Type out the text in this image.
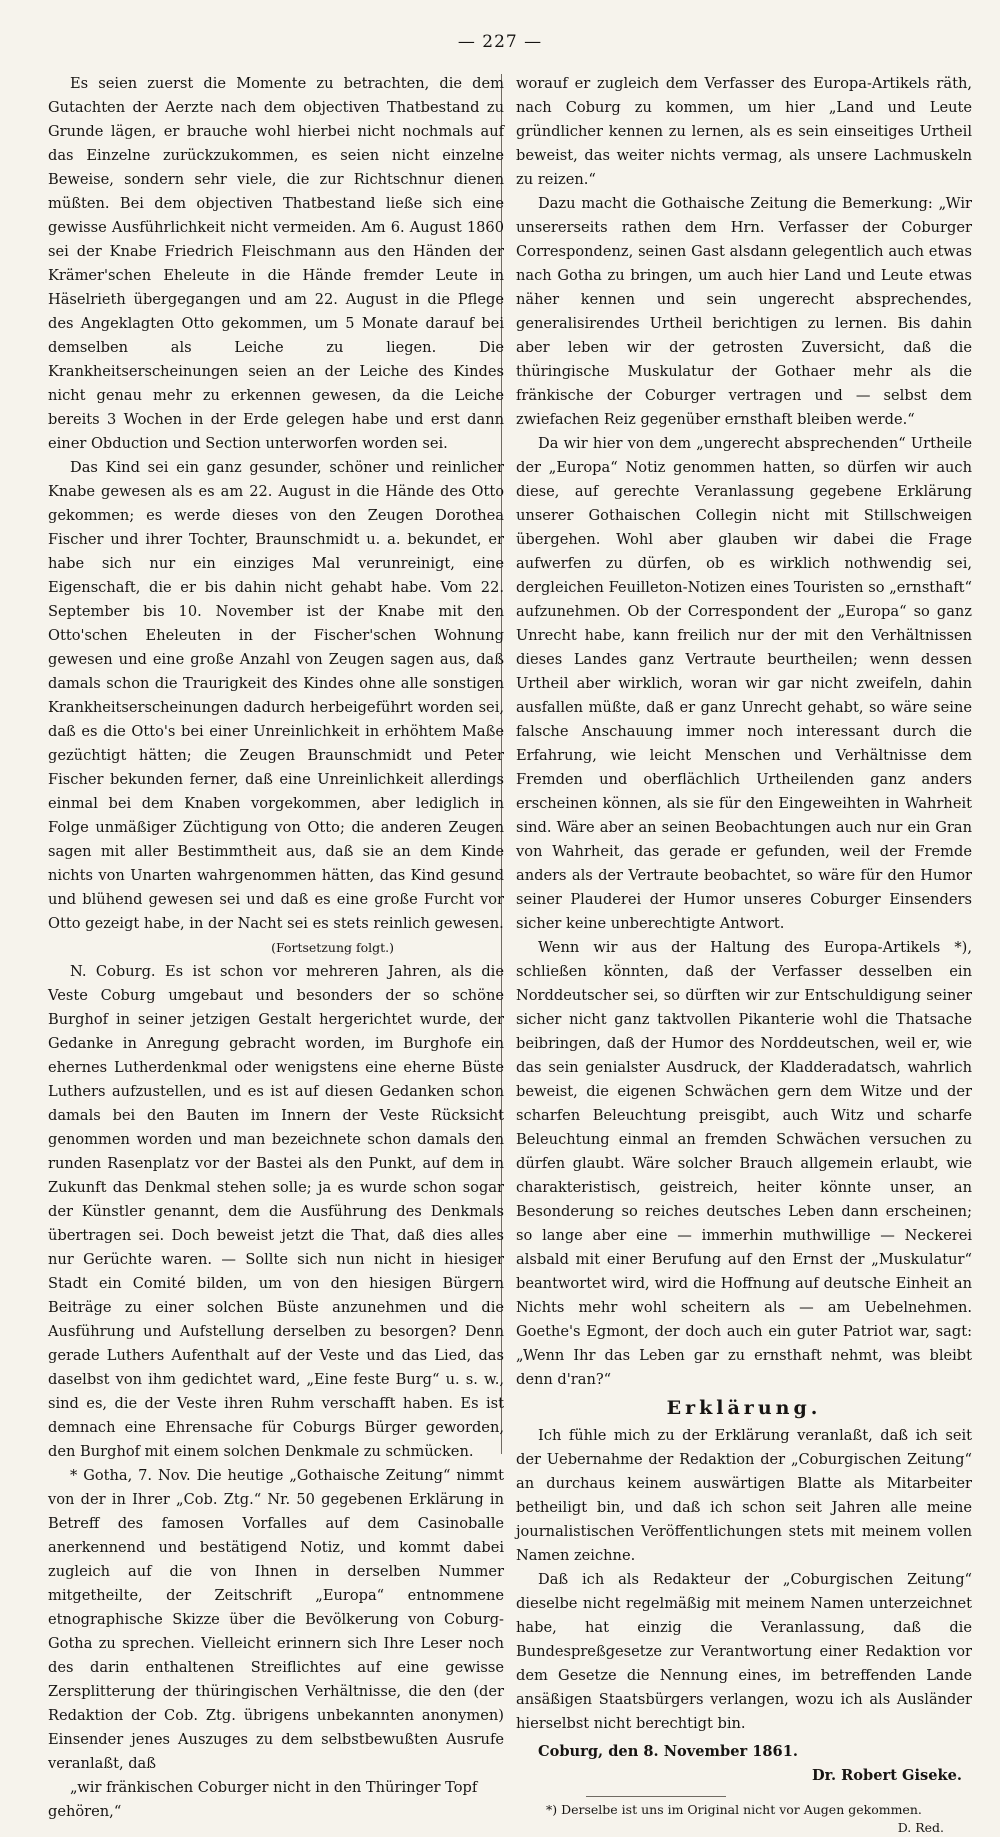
— 227 —

Es seien zuerst die Momente zu betrachten, die dem Gutachten der Aerzte nach dem objectiven Thatbestand zu Grunde lägen, er brauche wohl hierbei nicht nochmals auf das Einzelne zurückzukommen, es seien nicht einzelne Beweise, sondern sehr viele, die zur Richtschnur dienen müßten. Bei dem objectiven Thatbestand ließe sich eine gewisse Ausführlichkeit nicht vermeiden. Am 6. August 1860 sei der Knabe Friedrich Fleischmann aus den Händen der Krämer'schen Eheleute in die Hände fremder Leute in Häselrieth übergegangen und am 22. August in die Pflege des Angeklagten Otto gekommen, um 5 Monate darauf bei demselben als Leiche zu liegen. Die Krankheitserscheinungen seien an der Leiche des Kindes nicht genau mehr zu erkennen gewesen, da die Leiche bereits 3 Wochen in der Erde gelegen habe und erst dann einer Obduction und Section unterworfen worden sei.

Das Kind sei ein ganz gesunder, schöner und reinlicher Knabe gewesen als es am 22. August in die Hände des Otto gekommen; es werde dieses von den Zeugen Dorothea Fischer und ihrer Tochter, Braunschmidt u. a. bekundet, er habe sich nur ein einziges Mal verunreinigt, eine Eigenschaft, die er bis dahin nicht gehabt habe. Vom 22. September bis 10. November ist der Knabe mit den Otto'schen Eheleuten in der Fischer'schen Wohnung gewesen und eine große Anzahl von Zeugen sagen aus, daß damals schon die Traurigkeit des Kindes ohne alle sonstigen Krankheitserscheinungen dadurch herbeigeführt worden sei, daß es die Otto's bei einer Unreinlichkeit in erhöhtem Maße gezüchtigt hätten; die Zeugen Braunschmidt und Peter Fischer bekunden ferner, daß eine Unreinlichkeit allerdings einmal bei dem Knaben vorgekommen, aber lediglich in Folge unmäßiger Züchtigung von Otto; die anderen Zeugen sagen mit aller Bestimmtheit aus, daß sie an dem Kinde nichts von Unarten wahrgenommen hätten, das Kind gesund und blühend gewesen sei und daß es eine große Furcht vor Otto gezeigt habe, in der Nacht sei es stets reinlich gewesen.

(Fortsetzung folgt.)

N. Coburg. Es ist schon vor mehreren Jahren, als die Veste Coburg umgebaut und besonders der so schöne Burghof in seiner jetzigen Gestalt hergerichtet wurde, der Gedanke in Anregung gebracht worden, im Burghofe ein ehernes Lutherdenkmal oder wenigstens eine eherne Büste Luthers aufzustellen, und es ist auf diesen Gedanken schon damals bei den Bauten im Innern der Veste Rücksicht genommen worden und man bezeichnete schon damals den runden Rasenplatz vor der Bastei als den Punkt, auf dem in Zukunft das Denkmal stehen solle; ja es wurde schon sogar der Künstler genannt, dem die Ausführung des Denkmals übertragen sei. Doch beweist jetzt die That, daß dies alles nur Gerüchte waren. — Sollte sich nun nicht in hiesiger Stadt ein Comité bilden, um von den hiesigen Bürgern Beiträge zu einer solchen Büste anzunehmen und die Ausführung und Aufstellung derselben zu besorgen? Denn gerade Luthers Aufenthalt auf der Veste und das Lied, das daselbst von ihm gedichtet ward, „Eine feste Burg“ u. s. w., sind es, die der Veste ihren Ruhm verschafft haben. Es ist demnach eine Ehrensache für Coburgs Bürger geworden, den Burghof mit einem solchen Denkmale zu schmücken.

* Gotha, 7. Nov. Die heutige „Gothaische Zeitung“ nimmt von der in Ihrer „Cob. Ztg.“ Nr. 50 gegebenen Erklärung in Betreff des famosen Vorfalles auf dem Casinoballe anerkennend und bestätigend Notiz, und kommt dabei zugleich auf die von Ihnen in derselben Nummer mitgetheilte, der Zeitschrift „Europa“ entnommene etnographische Skizze über die Bevölkerung von Coburg-Gotha zu sprechen. Vielleicht erinnern sich Ihre Leser noch des darin enthaltenen Streiflichtes auf eine gewisse Zersplitterung der thüringischen Verhältnisse, die den (der Redaktion der Cob. Ztg. übrigens unbekannten anonymen) Einsender jenes Auszuges zu dem selbstbewußten Ausrufe veranlaßt, daß

„wir fränkischen Coburger nicht in den Thüringer Topf gehören,“

worauf er zugleich dem Verfasser des Europa-Artikels räth, nach Coburg zu kommen, um hier „Land und Leute gründlicher kennen zu lernen, als es sein einseitiges Urtheil beweist, das weiter nichts vermag, als unsere Lachmuskeln zu reizen.“

Dazu macht die Gothaische Zeitung die Bemerkung: „Wir unsererseits rathen dem Hrn. Verfasser der Coburger Correspondenz, seinen Gast alsdann gelegentlich auch etwas nach Gotha zu bringen, um auch hier Land und Leute etwas näher kennen und sein ungerecht absprechendes, generalisirendes Urtheil berichtigen zu lernen. Bis dahin aber leben wir der getrosten Zuversicht, daß die thüringische Muskulatur der Gothaer mehr als die fränkische der Coburger vertragen und — selbst dem zwiefachen Reiz gegenüber ernsthaft bleiben werde.“

Da wir hier von dem „ungerecht absprechenden“ Urtheile der „Europa“ Notiz genommen hatten, so dürfen wir auch diese, auf gerechte Veranlassung gegebene Erklärung unserer Gothaischen Collegin nicht mit Stillschweigen übergehen. Wohl aber glauben wir dabei die Frage aufwerfen zu dürfen, ob es wirklich nothwendig sei, dergleichen Feuilleton-Notizen eines Touristen so „ernsthaft“ aufzunehmen. Ob der Correspondent der „Europa“ so ganz Unrecht habe, kann freilich nur der mit den Verhältnissen dieses Landes ganz Vertraute beurtheilen; wenn dessen Urtheil aber wirklich, woran wir gar nicht zweifeln, dahin ausfallen müßte, daß er ganz Unrecht gehabt, so wäre seine falsche Anschauung immer noch interessant durch die Erfahrung, wie leicht Menschen und Verhältnisse dem Fremden und oberflächlich Urtheilenden ganz anders erscheinen können, als sie für den Eingeweihten in Wahrheit sind. Wäre aber an seinen Beobachtungen auch nur ein Gran von Wahrheit, das gerade er gefunden, weil der Fremde anders als der Vertraute beobachtet, so wäre für den Humor seiner Plauderei der Humor unseres Coburger Einsenders sicher keine unberechtigte Antwort.

Wenn wir aus der Haltung des Europa-Artikels *), schließen könnten, daß der Verfasser desselben ein Norddeutscher sei, so dürften wir zur Entschuldigung seiner sicher nicht ganz taktvollen Pikanterie wohl die Thatsache beibringen, daß der Humor des Norddeutschen, weil er, wie das sein genialster Ausdruck, der Kladderadatsch, wahrlich beweist, die eigenen Schwächen gern dem Witze und der scharfen Beleuchtung preisgibt, auch Witz und scharfe Beleuchtung einmal an fremden Schwächen versuchen zu dürfen glaubt. Wäre solcher Brauch allgemein erlaubt, wie charakteristisch, geistreich, heiter könnte unser, an Besonderung so reiches deutsches Leben dann erscheinen; so lange aber eine — immerhin muthwillige — Neckerei alsbald mit einer Berufung auf den Ernst der „Muskulatur“ beantwortet wird, wird die Hoffnung auf deutsche Einheit an Nichts mehr wohl scheitern als — am Uebelnehmen. Goethe's Egmont, der doch auch ein guter Patriot war, sagt: „Wenn Ihr das Leben gar zu ernsthaft nehmt, was bleibt denn d'ran?“

Erklärung.

Ich fühle mich zu der Erklärung veranlaßt, daß ich seit der Uebernahme der Redaktion der „Coburgischen Zeitung“ an durchaus keinem auswärtigen Blatte als Mitarbeiter betheiligt bin, und daß ich schon seit Jahren alle meine journalistischen Veröffentlichungen stets mit meinem vollen Namen zeichne.

Daß ich als Redakteur der „Coburgischen Zeitung“ dieselbe nicht regelmäßig mit meinem Namen unterzeichnet habe, hat einzig die Veranlassung, daß die Bundespreßgesetze zur Verantwortung einer Redaktion vor dem Gesetze die Nennung eines, im betreffenden Lande ansäßigen Staatsbürgers verlangen, wozu ich als Ausländer hierselbst nicht berechtigt bin.

Coburg, den 8. November 1861.
Dr. Robert Giseke.
*) Derselbe ist uns im Original nicht vor Augen gekommen.
D. Red.
